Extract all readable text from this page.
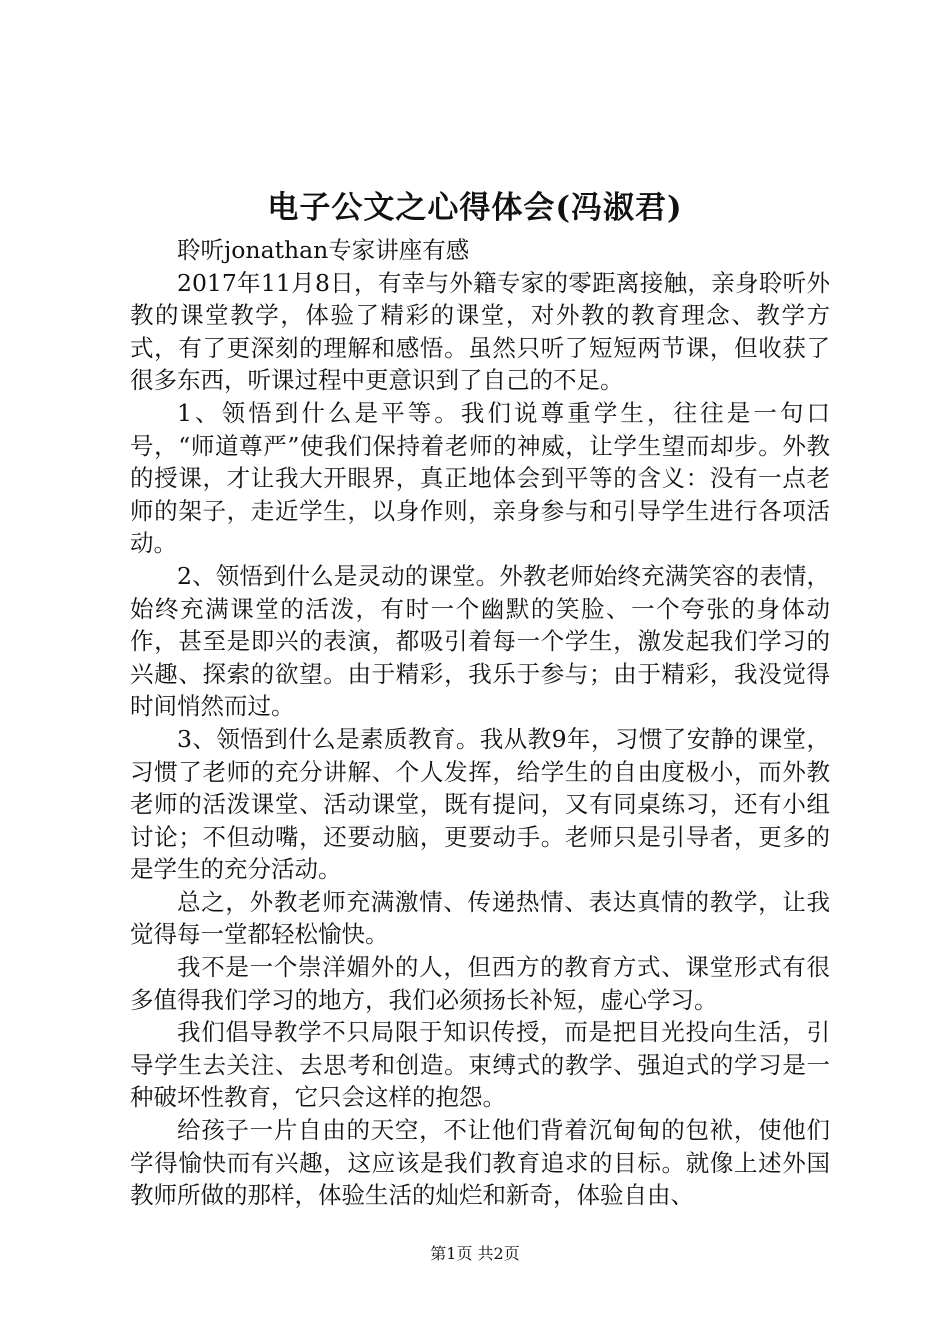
电子公文之心得体会(冯淑君)

聆听jonathan专家讲座有感

2017年11月8日，有幸与外籍专家的零距离接触，亲身聆听外教的课堂教学，体验了精彩的课堂，对外教的教育理念、教学方式，有了更深刻的理解和感悟。虽然只听了短短两节课，但收获了很多东西，听课过程中更意识到了自己的不足。

1、领悟到什么是平等。我们说尊重学生，往往是一句口号，“师道尊严”使我们保持着老师的神威，让学生望而却步。外教的授课，才让我大开眼界，真正地体会到平等的含义：没有一点老师的架子，走近学生，以身作则，亲身参与和引导学生进行各项活动。

2、领悟到什么是灵动的课堂。外教老师始终充满笑容的表情，始终充满课堂的活泼，有时一个幽默的笑脸、一个夸张的身体动作，甚至是即兴的表演，都吸引着每一个学生，激发起我们学习的兴趣、探索的欲望。由于精彩，我乐于参与；由于精彩，我没觉得时间悄然而过。

3、领悟到什么是素质教育。我从教9年，习惯了安静的课堂，习惯了老师的充分讲解、个人发挥，给学生的自由度极小，而外教老师的活泼课堂、活动课堂，既有提问，又有同桌练习，还有小组讨论；不但动嘴，还要动脑，更要动手。老师只是引导者，更多的是学生的充分活动。

总之，外教老师充满激情、传递热情、表达真情的教学，让我觉得每一堂都轻松愉快。

我不是一个崇洋媚外的人，但西方的教育方式、课堂形式有很多值得我们学习的地方，我们必须扬长补短，虚心学习。

我们倡导教学不只局限于知识传授，而是把目光投向生活，引导学生去关注、去思考和创造。束缚式的教学、强迫式的学习是一种破坏性教育，它只会这样的抱怨。

给孩子一片自由的天空，不让他们背着沉甸甸的包袱，使他们学得愉快而有兴趣，这应该是我们教育追求的目标。就像上述外国教师所做的那样，体验生活的灿烂和新奇，体验自由、

第1页 共2页
